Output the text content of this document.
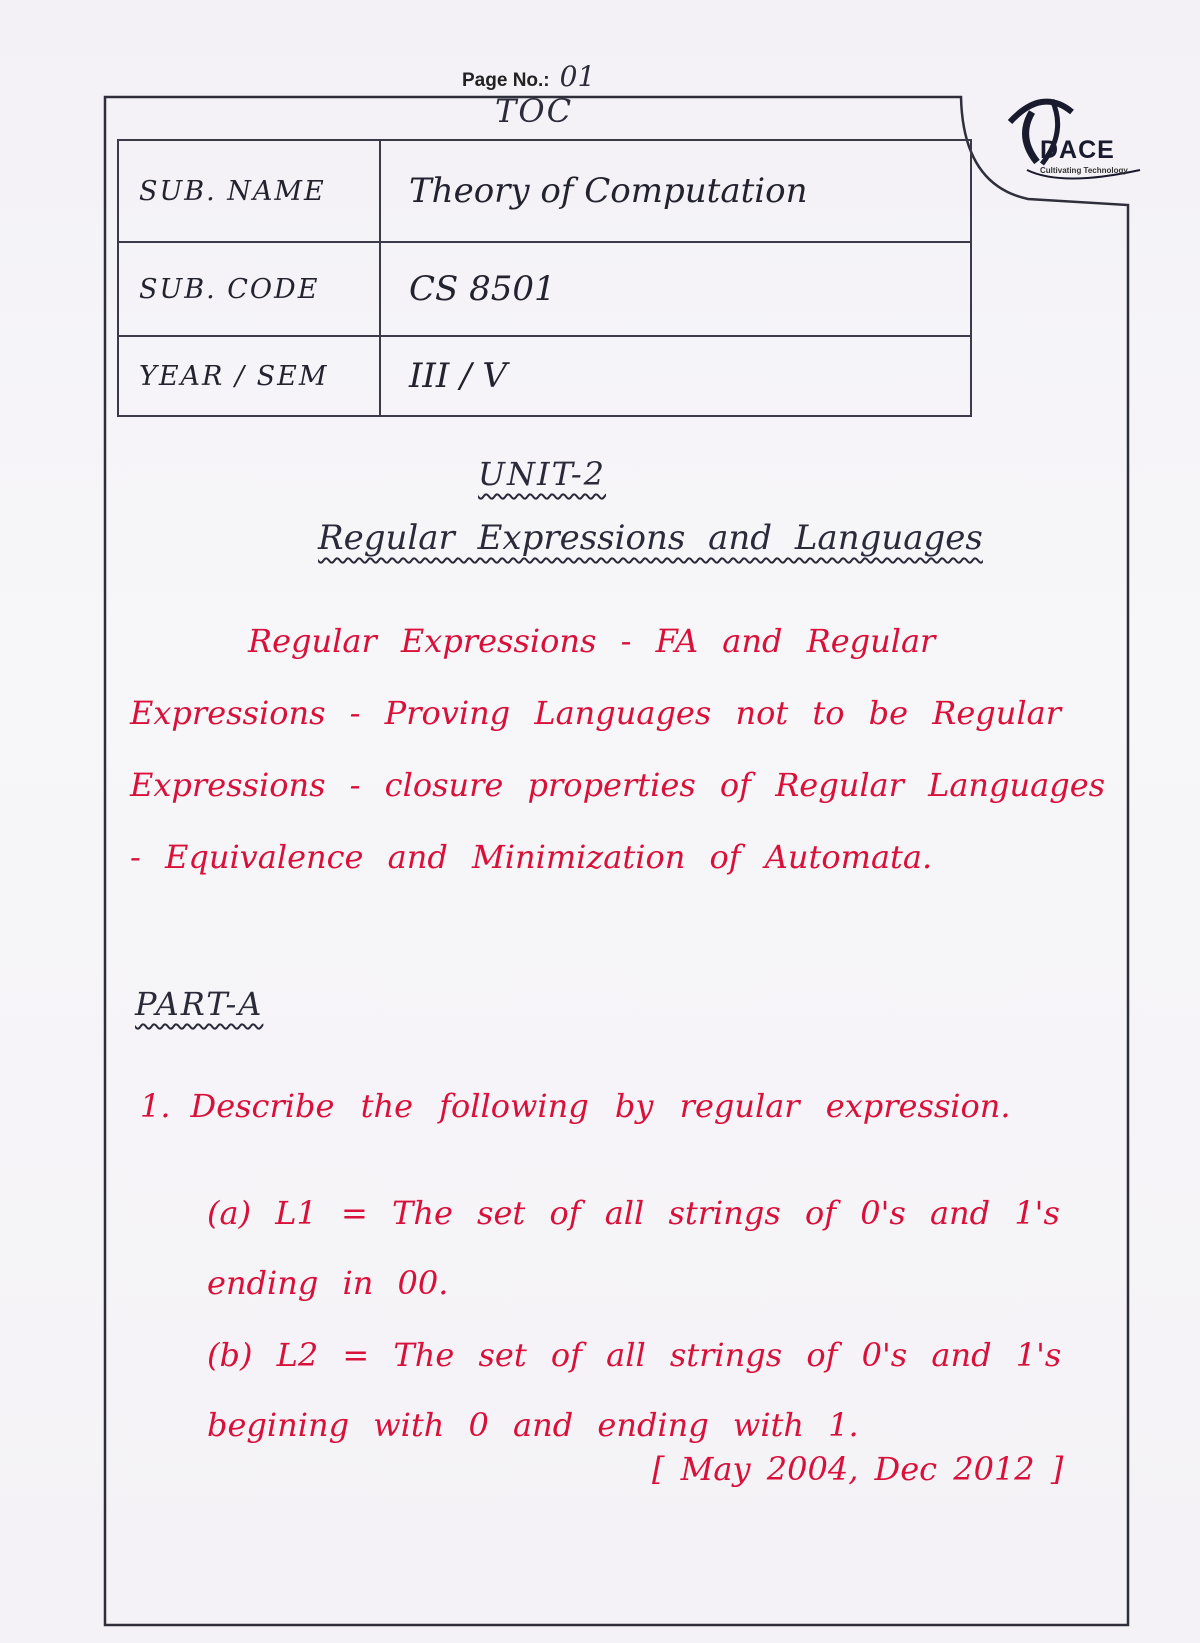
Page No.: 01
TOC
DACE
Cultivating Technology
SUB. NAME	Theory of Computation
SUB. CODE	CS 8501
YEAR / SEM	III / V
UNIT-2
Regular Expressions and Languages
Regular Expressions - FA and Regular Expressions - Proving Languages not to be Regular Expressions - closure properties of Regular Languages - Equivalence and Minimization of Automata.
PART-A
1. Describe the following by regular expression.
(a) L1 = The set of all strings of 0's and 1's ending in 00.
(b) L2 = The set of all strings of 0's and 1's begining with 0 and ending with 1.
[ May 2004, Dec 2012 ]
